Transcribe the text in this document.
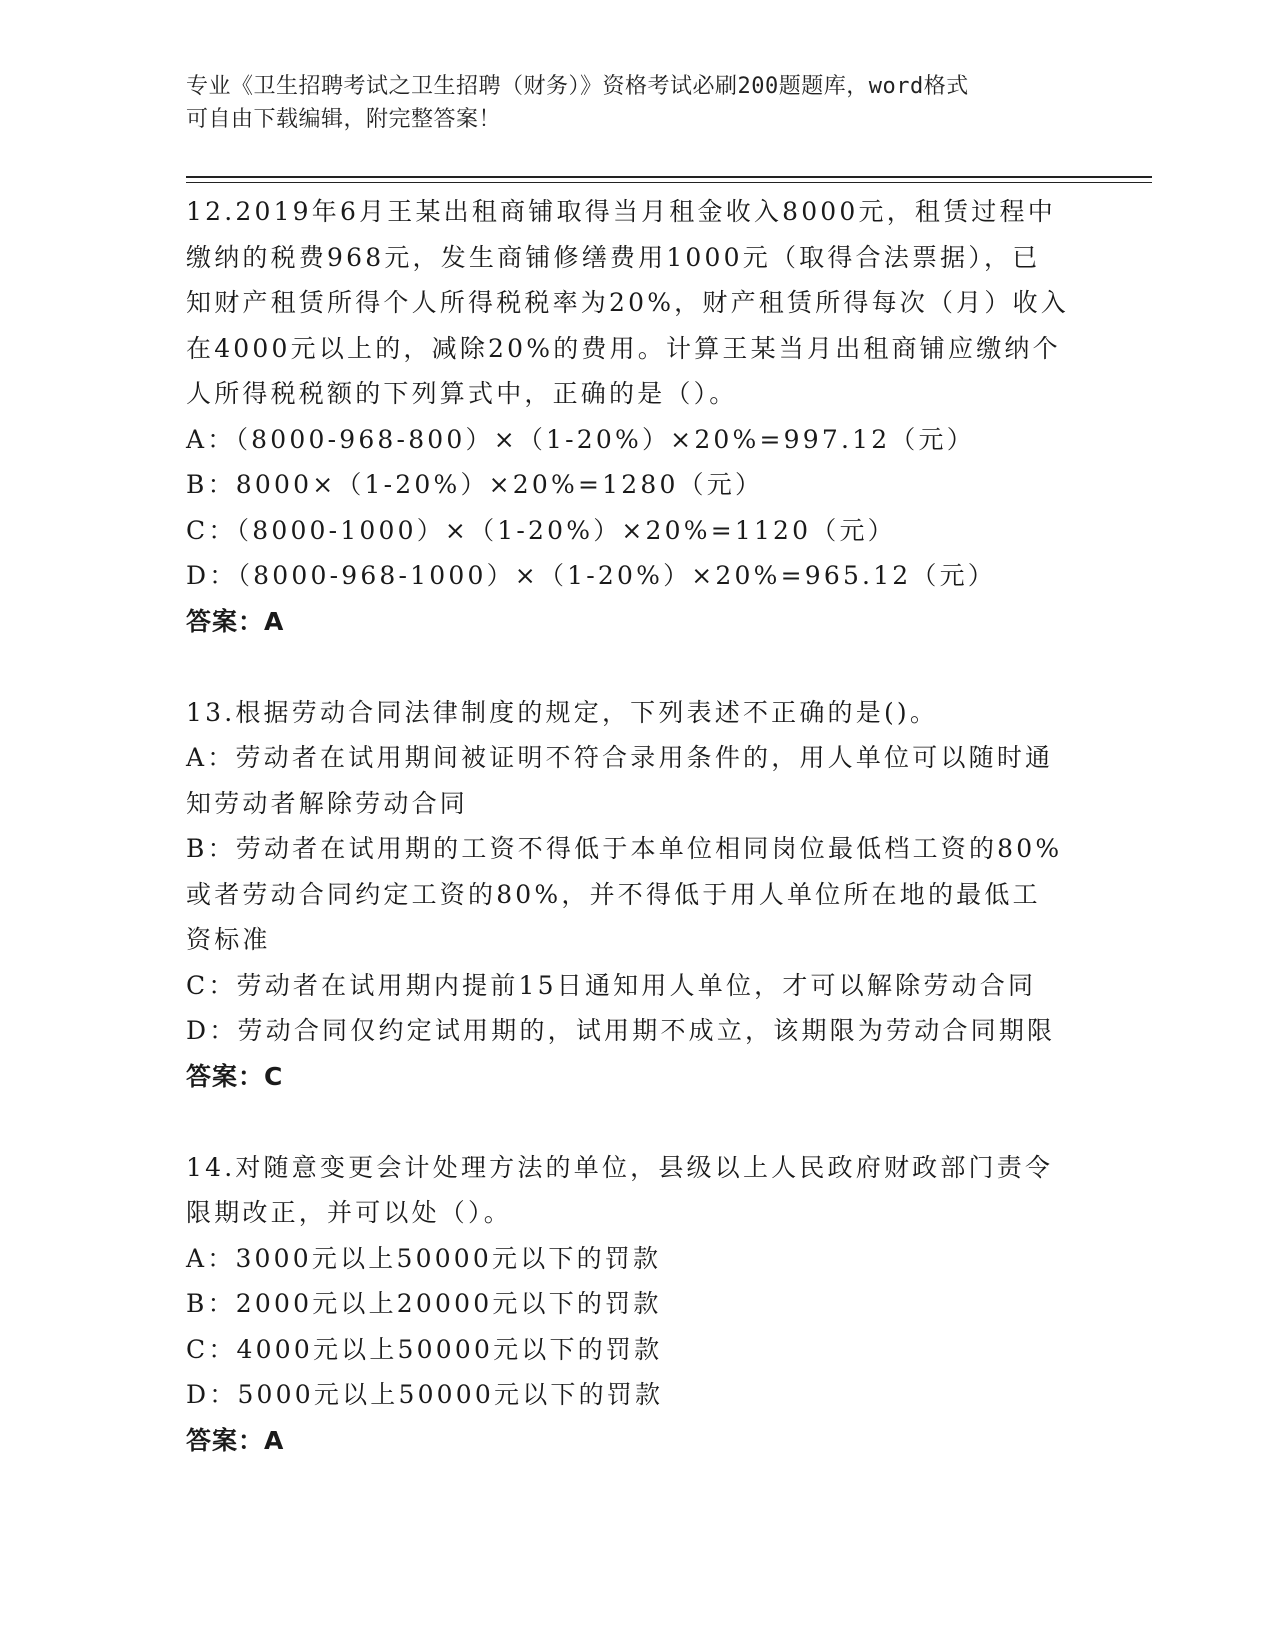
专业《卫生招聘考试之卫生招聘（财务）》资格考试必刷200题题库，word格式
可自由下载编辑，附完整答案！
12.2019年6月王某出租商铺取得当月租金收入8000元，租赁过程中
缴纳的税费968元，发生商铺修缮费用1000元（取得合法票据），已
知财产租赁所得个人所得税税率为20%，财产租赁所得每次（月）收入
在4000元以上的，减除20%的费用。计算王某当月出租商铺应缴纳个
人所得税税额的下列算式中，正确的是（）。
A：（8000-968-800）×（1-20%）×20%=997.12（元）
B：8000×（1-20%）×20%=1280（元）
C：（8000-1000）×（1-20%）×20%=1120（元）
D：（8000-968-1000）×（1-20%）×20%=965.12（元）
答案：A
13.根据劳动合同法律制度的规定，下列表述不正确的是()。
A：劳动者在试用期间被证明不符合录用条件的，用人单位可以随时通
知劳动者解除劳动合同
B：劳动者在试用期的工资不得低于本单位相同岗位最低档工资的80%
或者劳动合同约定工资的80%，并不得低于用人单位所在地的最低工
资标准
C：劳动者在试用期内提前15日通知用人单位，才可以解除劳动合同
D：劳动合同仅约定试用期的，试用期不成立，该期限为劳动合同期限
答案：C
14.对随意变更会计处理方法的单位，县级以上人民政府财政部门责令
限期改正，并可以处（）。
A：3000元以上50000元以下的罚款
B：2000元以上20000元以下的罚款
C：4000元以上50000元以下的罚款
D：5000元以上50000元以下的罚款
答案：A
